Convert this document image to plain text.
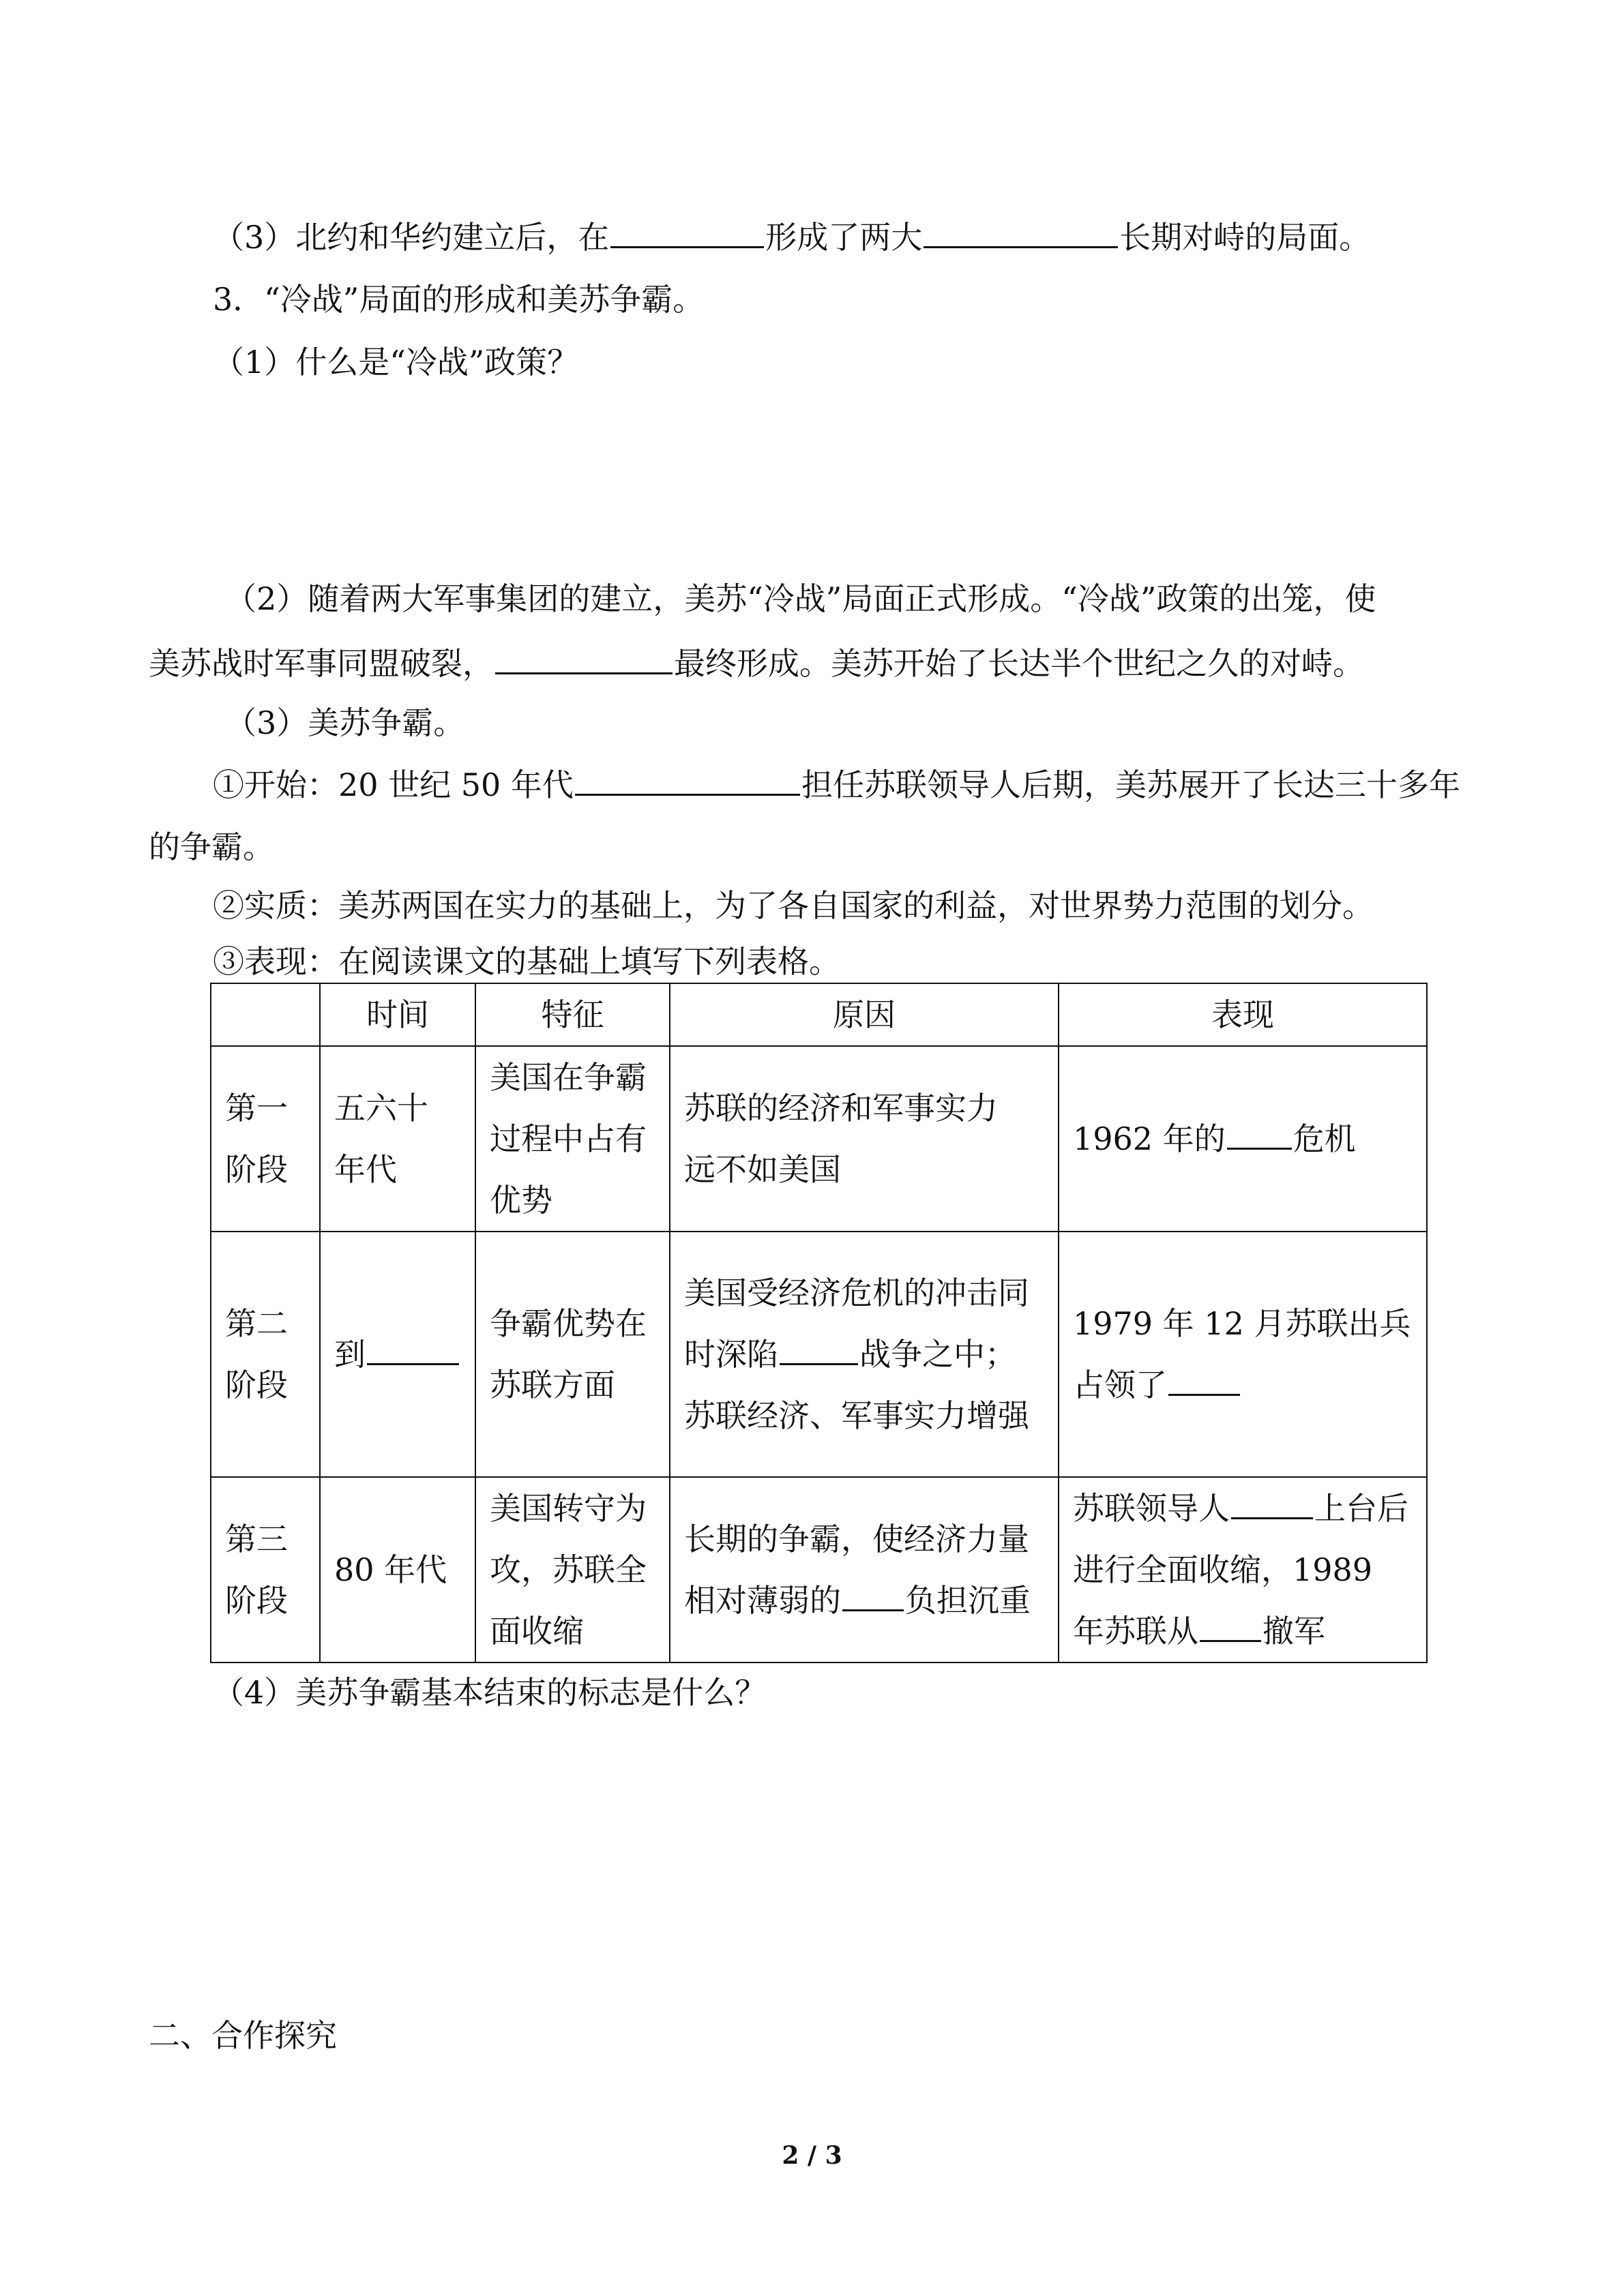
（3）北约和华约建立后，在	形成了两大	长期对峙的局面。
3．“冷战”局面的形成和美苏争霸。
（1）什么是“冷战”政策？
（2）随着两大军事集团的建立，美苏“冷战”局面正式形成。“冷战”政策的出笼，使
美苏战时军事同盟破裂，	最终形成。美苏开始了长达半个世纪之久的对峙。
（3）美苏争霸。
①开始：20 世纪 50 年代	担任苏联领导人后期，美苏展开了长达三十多年
的争霸。
②实质：美苏两国在实力的基础上，为了各自国家的利益，对世界势力范围的划分。
③表现：在阅读课文的基础上填写下列表格。
	时间	特征	原因	表现

第一阶段	五六十年代	美国在争霸过程中占有优势	苏联的经济和军事实力远不如美国	1962 年的 危机

第二阶段	到	争霸优势在苏联方面	美国受经济危机的冲击同时深陷 战争之中；苏联经济、军事实力增强	1979 年 12 月苏联出兵占领了

第三阶段	80 年代	美国转守为攻，苏联全面收缩	长期的争霸，使经济力量相对薄弱的 负担沉重	苏联领导人 上台后进行全面收缩，1989 年苏联从 撤军
（4）美苏争霸基本结束的标志是什么？
二、合作探究
2 / 3
